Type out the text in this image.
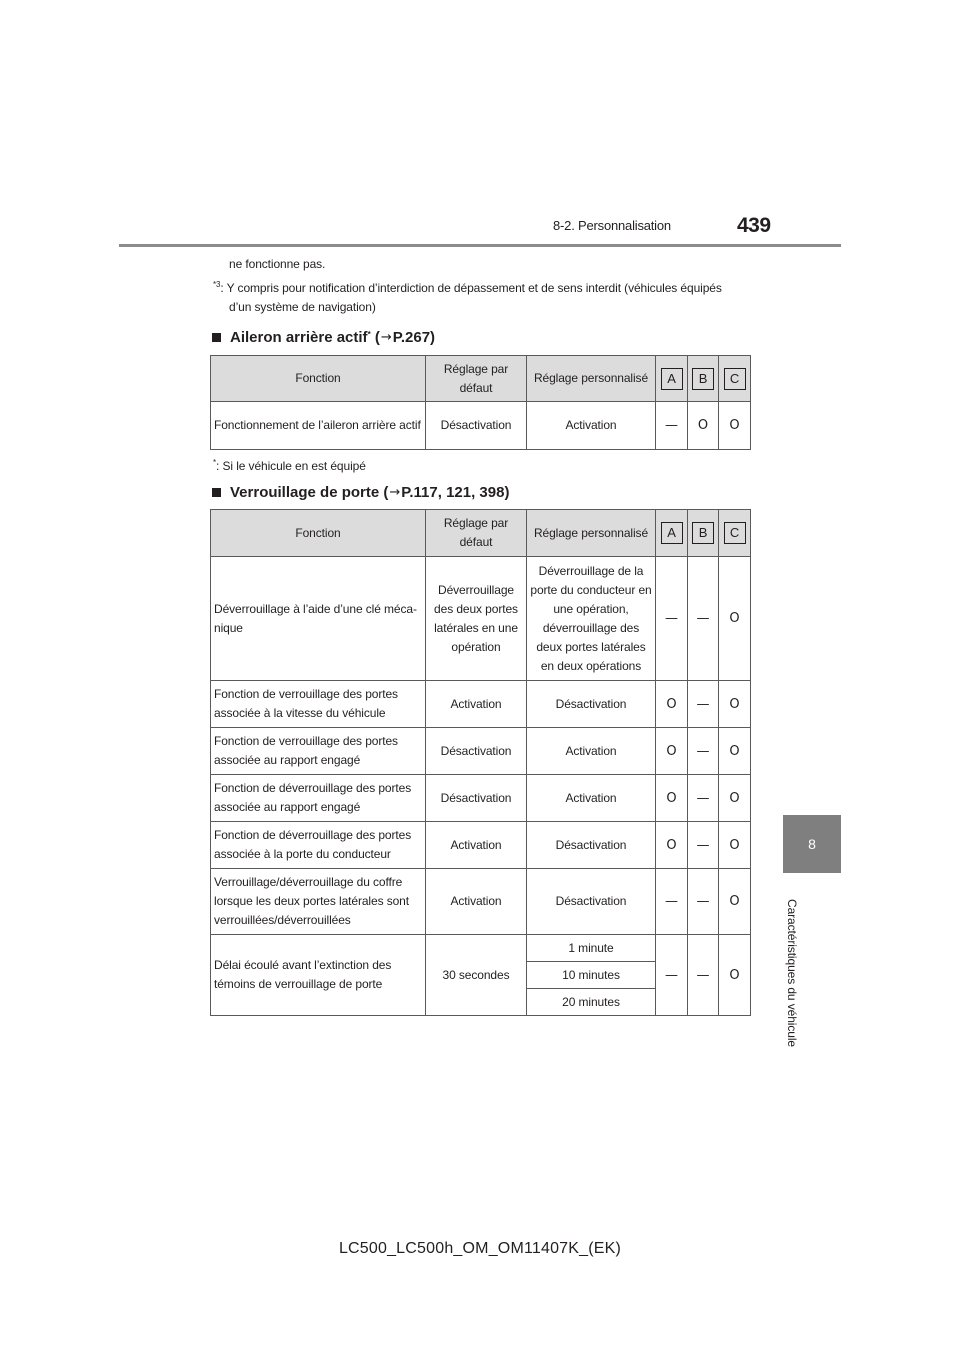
8-2. Personnalisation	439
8
Caractéristiques du véhicule
ne fonctionne pas.
$^{*3}$: Y compris pour notification d’interdiction de dépassement et de sens interdit (véhicules équipés
d’un système de navigation)
Aileron arrière actif * ( → P.267)
Fonction	Réglage par défaut	Réglage personnalisé	A	B	C
Fonctionnement de l’aileron arrière actif	Désactivation	Activation	—	O	O
*: Si le véhicule en est équipé
Verrouillage de porte ( → P.117, 121, 398)
Fonction	Réglage par défaut	Réglage personnalisé	A	B	C
Déverrouillage à l’aide d’une clé méca-nique	Déverrouillage des deux portes latérales en une opération	Déverrouillage de la porte du conducteur en une opération, déverrouillage des deux portes latérales en deux opérations	—	—	O
Fonction de verrouillage des portes associée à la vitesse du véhicule	Activation	Désactivation	O	—	O
Fonction de verrouillage des portes associée au rapport engagé	Désactivation	Activation	O	—	O
Fonction de déverrouillage des portes associée au rapport engagé	Désactivation	Activation	O	—	O
Fonction de déverrouillage des portes associée à la porte du conducteur	Activation	Désactivation	O	—	O
Verrouillage/déverrouillage du coffre lorsque les deux portes latérales sont verrouillées/déverrouillées	Activation	Désactivation	—	—	O
Délai écoulé avant l’extinction des témoins de verrouillage de porte	30 secondes	1 minute	—	—	O
		10 minutes			
		20 minutes			
LC500_LC500h_OM_OM11407K_(EK)
